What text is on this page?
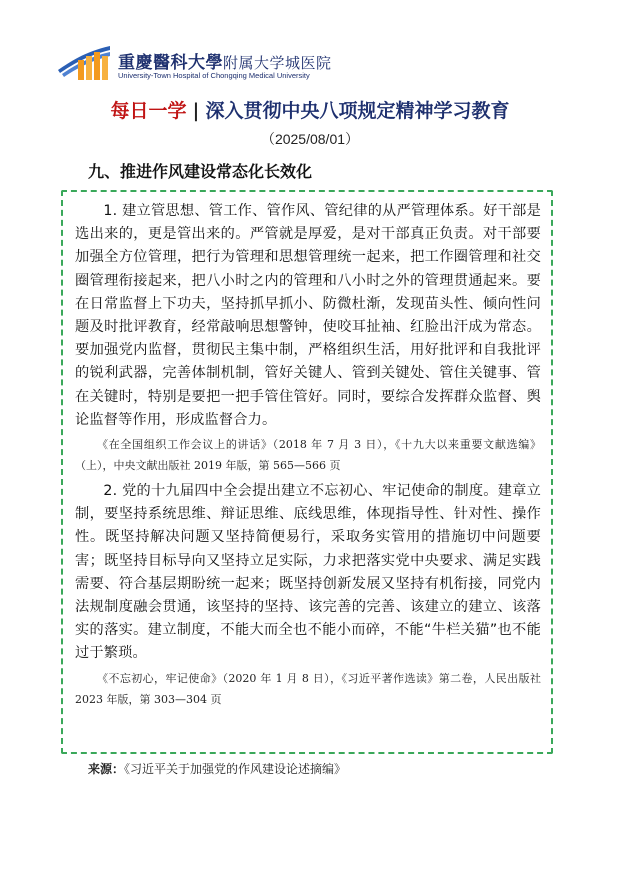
重慶醫科大學附属大学城医院
University-Town Hospital of Chongqing Medical University
每日一学 | 深入贯彻中央八项规定精神学习教育
（2025/08/01）
九、推进作风建设常态化长效化

1. 建立管思想、管工作、管作风、管纪律的从严管理体系。好干部是选出来的，更是管出来的。严管就是厚爱，是对干部真正负责。对干部要加强全方位管理，把行为管理和思想管理统一起来，把工作圈管理和社交圈管理衔接起来，把八小时之内的管理和八小时之外的管理贯通起来。要在日常监督上下功夫，坚持抓早抓小、防微杜渐，发现苗头性、倾向性问题及时批评教育，经常敲响思想警钟，使咬耳扯袖、红脸出汗成为常态。要加强党内监督，贯彻民主集中制，严格组织生活，用好批评和自我批评的锐利武器，完善体制机制，管好关键人、管到关键处、管住关键事、管在关键时，特别是要把一把手管住管好。同时，要综合发挥群众监督、舆论监督等作用，形成监督合力。

《在全国组织工作会议上的讲话》（2018 年 7 月 3 日），《十九大以来重要文献选编》（上），中央文献出版社 2019 年版，第 565—566 页

2. 党的十九届四中全会提出建立不忘初心、牢记使命的制度。建章立制，要坚持系统思维、辩证思维、底线思维，体现指导性、针对性、操作性。既坚持解决问题又坚持简便易行，采取务实管用的措施切中问题要害；既坚持目标导向又坚持立足实际，力求把落实党中央要求、满足实践需要、符合基层期盼统一起来；既坚持创新发展又坚持有机衔接，同党内法规制度融会贯通，该坚持的坚持、该完善的完善、该建立的建立、该落实的落实。建立制度，不能大而全也不能小而碎，不能“牛栏关猫”也不能过于繁琐。

《不忘初心，牢记使命》（2020 年 1 月 8 日），《习近平著作选读》第二卷，人民出版社 2023 年版，第 303—304 页

来源：《习近平关于加强党的作风建设论述摘编》
